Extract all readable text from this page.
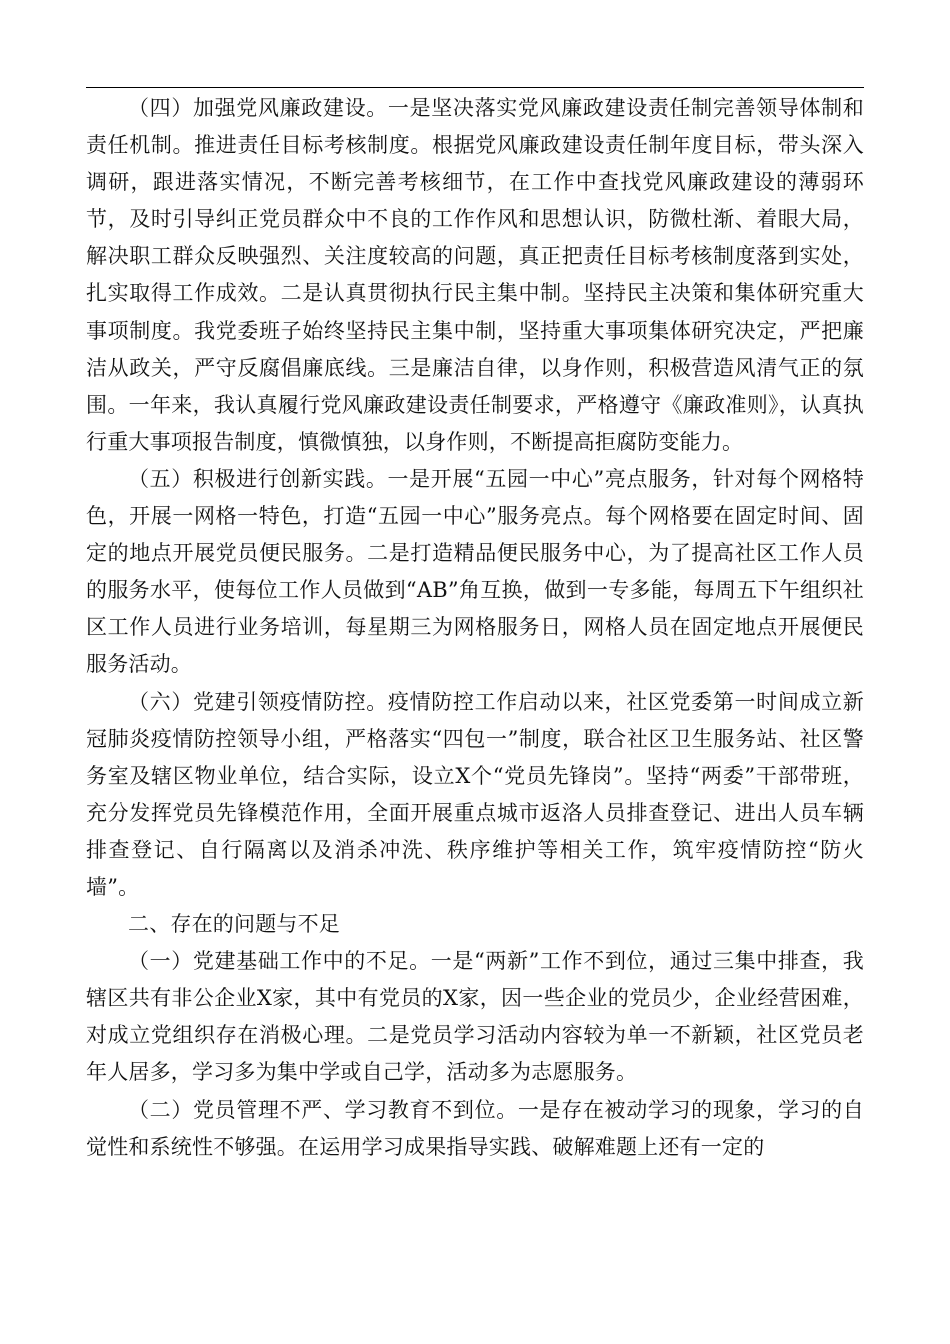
（四）加强党风廉政建设。一是坚决落实党风廉政建设责任制完善领导体制和责任机制。推进责任目标考核制度。根据党风廉政建设责任制年度目标，带头深入调研，跟进落实情况，不断完善考核细节，在工作中查找党风廉政建设的薄弱环节，及时引导纠正党员群众中不良的工作作风和思想认识，防微杜渐、着眼大局，解决职工群众反映强烈、关注度较高的问题，真正把责任目标考核制度落到实处，扎实取得工作成效。二是认真贯彻执行民主集中制。坚持民主决策和集体研究重大事项制度。我党委班子始终坚持民主集中制，坚持重大事项集体研究决定，严把廉洁从政关，严守反腐倡廉底线。三是廉洁自律，以身作则，积极营造风清气正的氛围。一年来，我认真履行党风廉政建设责任制要求，严格遵守《廉政准则》，认真执行重大事项报告制度，慎微慎独，以身作则，不断提高拒腐防变能力。

（五）积极进行创新实践。一是开展“五园一中心”亮点服务，针对每个网格特色，开展一网格一特色，打造“五园一中心”服务亮点。每个网格要在固定时间、固定的地点开展党员便民服务。二是打造精品便民服务中心，为了提高社区工作人员的服务水平，使每位工作人员做到“AB”角互换，做到一专多能，每周五下午组织社区工作人员进行业务培训，每星期三为网格服务日，网格人员在固定地点开展便民服务活动。

（六）党建引领疫情防控。疫情防控工作启动以来，社区党委第一时间成立新冠肺炎疫情防控领导小组，严格落实“四包一”制度，联合社区卫生服务站、社区警务室及辖区物业单位，结合实际，设立X个“党员先锋岗”。坚持“两委”干部带班，充分发挥党员先锋模范作用，全面开展重点城市返洛人员排查登记、进出人员车辆排查登记、自行隔离以及消杀冲洗、秩序维护等相关工作，筑牢疫情防控“防火墙”。

二、存在的问题与不足

（一）党建基础工作中的不足。一是“两新”工作不到位，通过三集中排查，我辖区共有非公企业X家，其中有党员的X家，因一些企业的党员少，企业经营困难，对成立党组织存在消极心理。二是党员学习活动内容较为单一不新颖，社区党员老年人居多，学习多为集中学或自己学，活动多为志愿服务。

（二）党员管理不严、学习教育不到位。一是存在被动学习的现象，学习的自觉性和系统性不够强。在运用学习成果指导实践、破解难题上还有一定的
